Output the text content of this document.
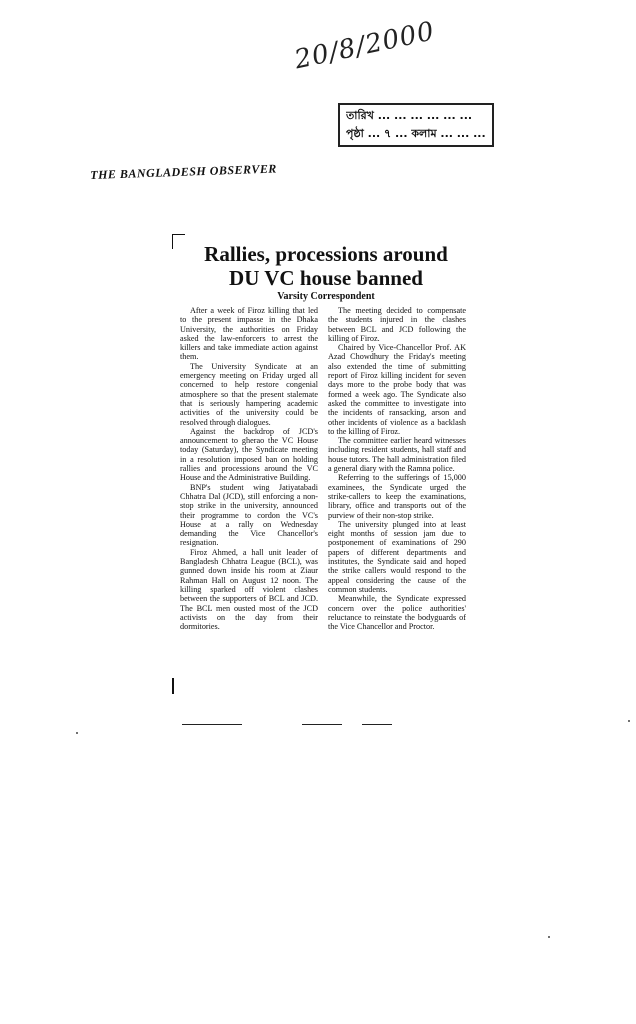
20/8/2000
তারিখ ... ... ... ... ... ...
পৃষ্ঠা ... ৭ ... কলাম ... ... ...
THE BANGLADESH OBSERVER
Rallies, processions around
DU VC house banned
Varsity Correspondent

After a week of Firoz killing that led to the present impasse in the Dhaka University, the authorities on Friday asked the law-enforcers to arrest the killers and take immediate action against them.

The University Syndicate at an emergency meeting on Friday urged all concerned to help restore congenial atmosphere so that the present stalemate that is seriously hampering academic activities of the university could be resolved through dialogues.

Against the backdrop of JCD's announcement to gherao the VC House today (Saturday), the Syndicate meeting in a resolution imposed ban on holding rallies and processions around the VC House and the Administrative Building.

BNP's student wing Jatiyatabadi Chhatra Dal (JCD), still enforcing a non-stop strike in the university, announced their programme to cordon the VC's House at a rally on Wednesday demanding the Vice Chancellor's resignation.

Firoz Ahmed, a hall unit leader of Bangladesh Chhatra League (BCL), was gunned down inside his room at Ziaur Rahman Hall on August 12 noon. The killing sparked off violent clashes between the supporters of BCL and JCD. The BCL men ousted most of the JCD activists on the day from their dormitories.

The meeting decided to compensate the students injured in the clashes between BCL and JCD following the killing of Firoz.

Chaired by Vice-Chancellor Prof. AK Azad Chowdhury the Friday's meeting also extended the time of submitting report of Firoz killing incident for seven days more to the probe body that was formed a week ago. The Syndicate also asked the committee to investigate into the incidents of ransacking, arson and other incidents of violence as a backlash to the killing of Firoz.

The committee earlier heard witnesses including resident students, hall staff and house tutors. The hall administration filed a general diary with the Ramna police.

Referring to the sufferings of 15,000 examinees, the Syndicate urged the strike-callers to keep the examinations, library, office and transports out of the purview of their non-stop strike.

The university plunged into at least eight months of session jam due to postponement of examinations of 290 papers of different departments and institutes, the Syndicate said and hoped the strike callers would respond to the appeal considering the cause of the common students.

Meanwhile, the Syndicate expressed concern over the police authorities' reluctance to reinstate the bodyguards of the Vice Chancellor and Proctor.
